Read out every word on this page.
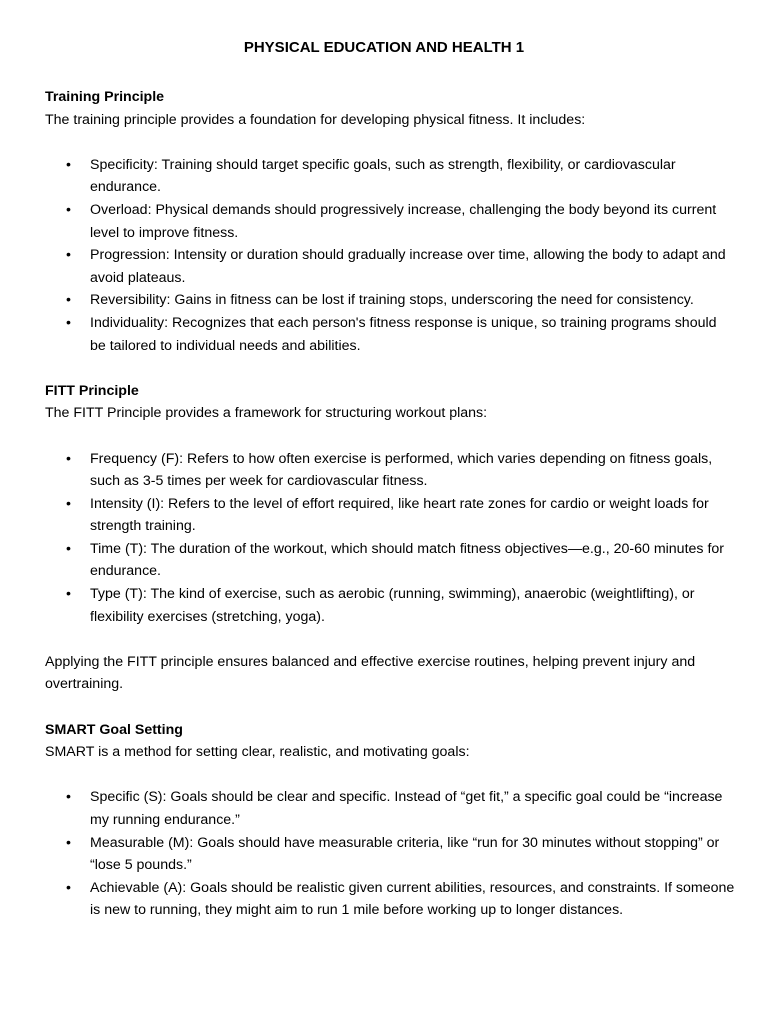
PHYSICAL EDUCATION AND HEALTH 1
Training Principle
The training principle provides a foundation for developing physical fitness. It includes:
• Specificity: Training should target specific goals, such as strength, flexibility, or cardiovascular endurance.
• Overload: Physical demands should progressively increase, challenging the body beyond its current level to improve fitness.
• Progression: Intensity or duration should gradually increase over time, allowing the body to adapt and avoid plateaus.
• Reversibility: Gains in fitness can be lost if training stops, underscoring the need for consistency.
• Individuality: Recognizes that each person's fitness response is unique, so training programs should be tailored to individual needs and abilities.
FITT Principle
The FITT Principle provides a framework for structuring workout plans:
• Frequency (F): Refers to how often exercise is performed, which varies depending on fitness goals, such as 3-5 times per week for cardiovascular fitness.
• Intensity (I): Refers to the level of effort required, like heart rate zones for cardio or weight loads for strength training.
• Time (T): The duration of the workout, which should match fitness objectives—e.g., 20-60 minutes for endurance.
• Type (T): The kind of exercise, such as aerobic (running, swimming), anaerobic (weightlifting), or flexibility exercises (stretching, yoga).
Applying the FITT principle ensures balanced and effective exercise routines, helping prevent injury and overtraining.
SMART Goal Setting
SMART is a method for setting clear, realistic, and motivating goals:
• Specific (S): Goals should be clear and specific. Instead of “get fit,” a specific goal could be “increase my running endurance.”
• Measurable (M): Goals should have measurable criteria, like “run for 30 minutes without stopping” or “lose 5 pounds.”
• Achievable (A): Goals should be realistic given current abilities, resources, and constraints. If someone is new to running, they might aim to run 1 mile before working up to longer distances.
